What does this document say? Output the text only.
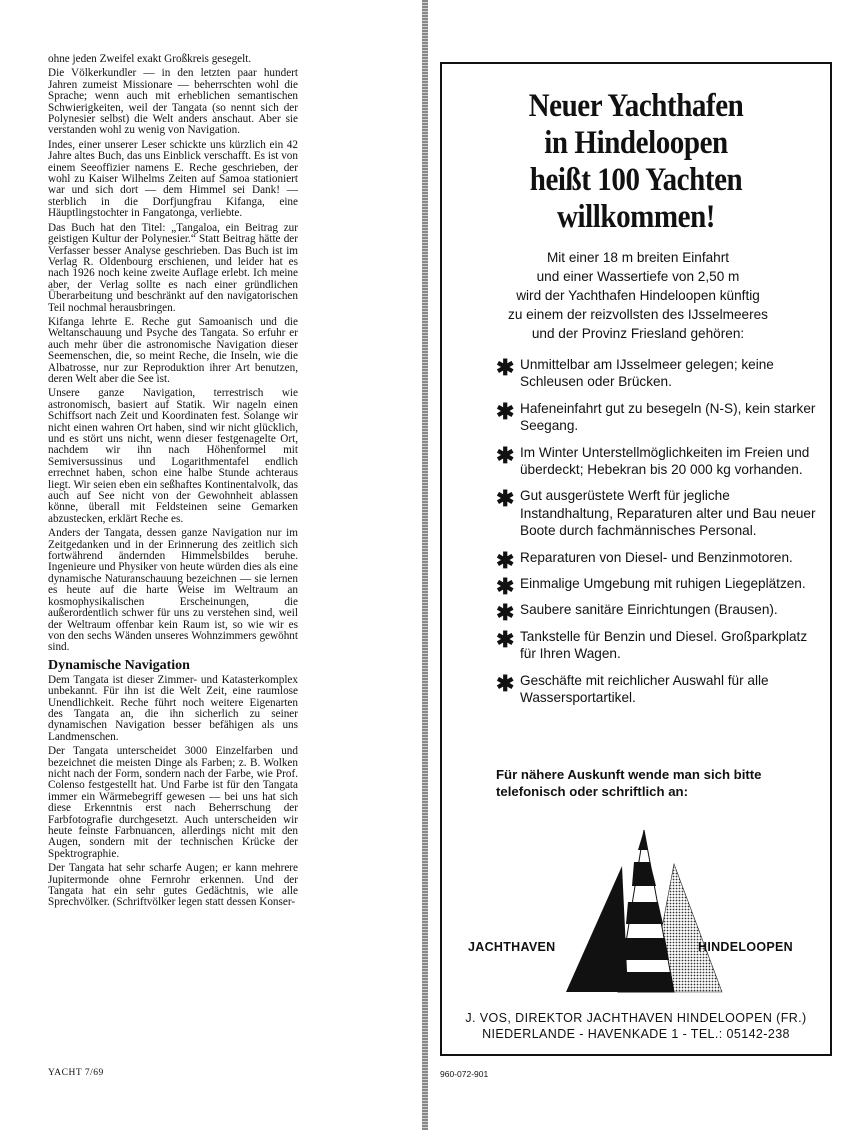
ohne jeden Zweifel exakt Großkreis gesegelt.

Die Völkerkundler — in den letzten paar hundert Jahren zumeist Missionare — beherrschten wohl die Sprache; wenn auch mit erheblichen semantischen Schwierigkeiten, weil der Tangata (so nennt sich der Polynesier selbst) die Welt anders anschaut. Aber sie verstanden wohl zu wenig von Navigation.

Indes, einer unserer Leser schickte uns kürzlich ein 42 Jahre altes Buch, das uns Einblick verschafft. Es ist von einem Seeoffizier namens E. Reche geschrieben, der wohl zu Kaiser Wilhelms Zeiten auf Samoa stationiert war und sich dort — dem Himmel sei Dank! — sterblich in die Dorfjungfrau Kifanga, eine Häuptlingstochter in Fangatonga, verliebte.

Das Buch hat den Titel: „Tangaloa, ein Beitrag zur geistigen Kultur der Polynesier.“ Statt Beitrag hätte der Verfasser besser Analyse geschrieben. Das Buch ist im Verlag R. Oldenbourg erschienen, und leider hat es nach 1926 noch keine zweite Auflage erlebt. Ich meine aber, der Verlag sollte es nach einer gründlichen Überarbeitung und beschränkt auf den navigatorischen Teil nochmal herausbringen.

Kifanga lehrte E. Reche gut Samoanisch und die Weltanschauung und Psyche des Tangata. So erfuhr er auch mehr über die astronomische Navigation dieser Seemenschen, die, so meint Reche, die Inseln, wie die Albatrosse, nur zur Reproduktion ihrer Art benutzen, deren Welt aber die See ist.

Unsere ganze Navigation, terrestrisch wie astronomisch, basiert auf Statik. Wir nageln einen Schiffsort nach Zeit und Koordinaten fest. Solange wir nicht einen wahren Ort haben, sind wir nicht glücklich, und es stört uns nicht, wenn dieser festgenagelte Ort, nachdem wir ihn nach Höhenformel mit Semiversussinus und Logarithmentafel endlich errechnet haben, schon eine halbe Stunde achteraus liegt. Wir seien eben ein seßhaftes Kontinentalvolk, das auch auf See nicht von der Gewohnheit ablassen könne, überall mit Feldsteinen seine Gemarken abzustecken, erklärt Reche es.

Anders der Tangata, dessen ganze Navigation nur im Zeitgedanken und in der Erinnerung des zeitlich sich fortwährend ändernden Himmelsbildes beruhe. Ingenieure und Physiker von heute würden dies als eine dynamische Naturanschauung bezeichnen — sie lernen es heute auf die harte Weise im Weltraum an kosmophysikalischen Erscheinungen, die außerordentlich schwer für uns zu verstehen sind, weil der Weltraum offenbar kein Raum ist, so wie wir es von den sechs Wänden unseres Wohnzimmers gewöhnt sind.

Dynamische Navigation

Dem Tangata ist dieser Zimmer- und Katasterkomplex unbekannt. Für ihn ist die Welt Zeit, eine raumlose Unendlichkeit. Reche führt noch weitere Eigenarten des Tangata an, die ihn sicherlich zu seiner dynamischen Navigation besser befähigen als uns Landmenschen.

Der Tangata unterscheidet 3000 Einzelfarben und bezeichnet die meisten Dinge als Farben; z. B. Wolken nicht nach der Form, sondern nach der Farbe, wie Prof. Colenso festgestellt hat. Und Farbe ist für den Tangata immer ein Wärmebegriff gewesen — bei uns hat sich diese Erkenntnis erst nach Beherrschung der Farbfotografie durchgesetzt. Auch unterscheiden wir heute feinste Farbnuancen, allerdings nicht mit den Augen, sondern mit der technischen Krücke der Spektrographie.

Der Tangata hat sehr scharfe Augen; er kann mehrere Jupitermonde ohne Fernrohr erkennen. Und der Tangata hat ein sehr gutes Gedächtnis, wie alle Sprechvölker. (Schriftvölker legen statt dessen Konser-

YACHT 7/69
Neuer Yachthafen
in Hindeloopen
heißt 100 Yachten
willkommen!
Mit einer 18 m breiten Einfahrt
und einer Wassertiefe von 2,50 m
wird der Yachthafen Hindeloopen künftig
zu einem der reizvollsten des IJsselmeeres
und der Provinz Friesland gehören:
✱ Unmittelbar am IJsselmeer gelegen; keine Schleusen oder Brücken.
✱ Hafeneinfahrt gut zu besegeln (N-S), kein starker Seegang.
✱ Im Winter Unterstellmöglichkeiten im Freien und überdeckt; Hebekran bis 20 000 kg vorhanden.
✱ Gut ausgerüstete Werft für jegliche Instandhaltung, Reparaturen alter und Bau neuer Boote durch fachmännisches Personal.
✱ Reparaturen von Diesel- und Benzinmotoren.
✱ Einmalige Umgebung mit ruhigen Liegeplätzen.
✱ Saubere sanitäre Einrichtungen (Brausen).
✱ Tankstelle für Benzin und Diesel. Großparkplatz für Ihren Wagen.
✱ Geschäfte mit reichlicher Auswahl für alle Wassersportartikel.
Für nähere Auskunft wende man sich bitte
telefonisch oder schriftlich an:
JACHTHAVEN	HINDELOOPEN
J. VOS, DIREKTOR JACHTHAVEN HINDELOOPEN (FR.)
NIEDERLANDE - HAVENKADE 1 - TEL.: 05142-238
960-072-901
